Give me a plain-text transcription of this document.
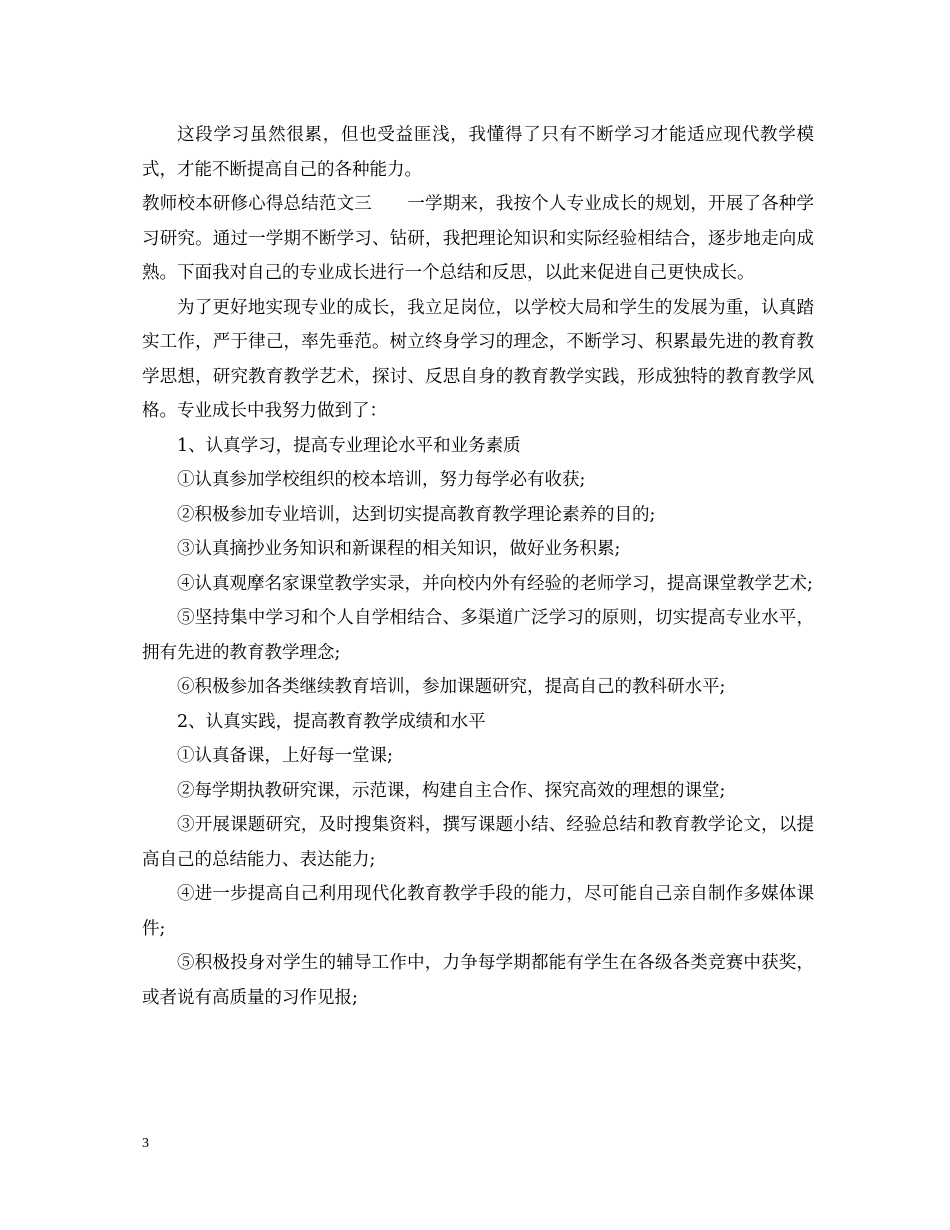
这段学习虽然很累，但也受益匪浅，我懂得了只有不断学习才能适应现代教学模式，才能不断提高自己的各种能力。

教师校本研修心得总结范文三　　一学期来，我按个人专业成长的规划，开展了各种学习研究。通过一学期不断学习、钻研，我把理论知识和实际经验相结合，逐步地走向成熟。下面我对自己的专业成长进行一个总结和反思，以此来促进自己更快成长。

为了更好地实现专业的成长，我立足岗位，以学校大局和学生的发展为重，认真踏实工作，严于律己，率先垂范。树立终身学习的理念，不断学习、积累最先进的教育教学思想，研究教育教学艺术，探讨、反思自身的教育教学实践，形成独特的教育教学风格。专业成长中我努力做到了：

1、认真学习，提高专业理论水平和业务素质

①认真参加学校组织的校本培训，努力每学必有收获;

②积极参加专业培训，达到切实提高教育教学理论素养的目的;

③认真摘抄业务知识和新课程的相关知识，做好业务积累;

④认真观摩名家课堂教学实录，并向校内外有经验的老师学习，提高课堂教学艺术;

⑤坚持集中学习和个人自学相结合、多渠道广泛学习的原则，切实提高专业水平，拥有先进的教育教学理念;

⑥积极参加各类继续教育培训，参加课题研究，提高自己的教科研水平;

2、认真实践，提高教育教学成绩和水平

①认真备课，上好每一堂课;

②每学期执教研究课，示范课，构建自主合作、探究高效的理想的课堂;

③开展课题研究，及时搜集资料，撰写课题小结、经验总结和教育教学论文，以提高自己的总结能力、表达能力;

④进一步提高自己利用现代化教育教学手段的能力，尽可能自己亲自制作多媒体课件;

⑤积极投身对学生的辅导工作中，力争每学期都能有学生在各级各类竞赛中获奖，或者说有高质量的习作见报;

3
